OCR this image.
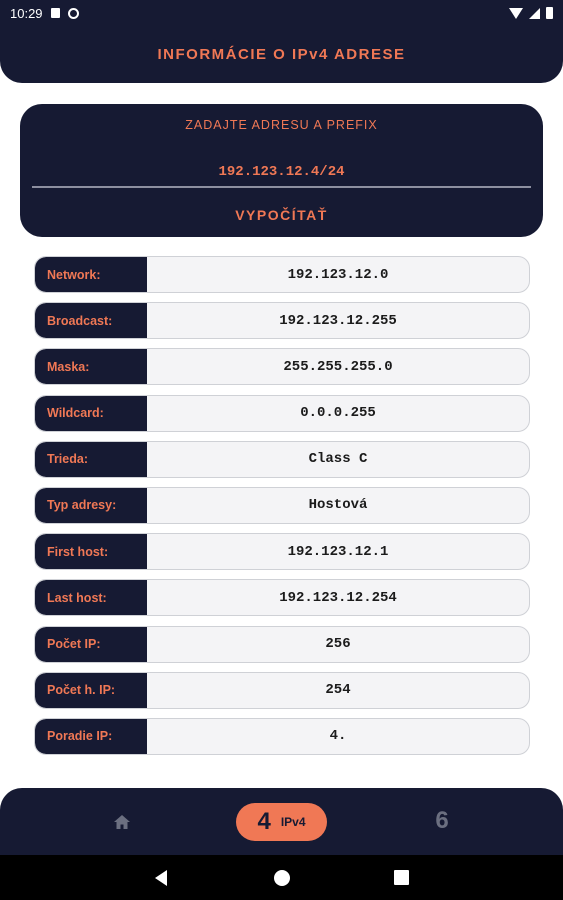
10:29
INFORMÁCIE O IPv4 ADRESE
ZADAJTE ADRESU A PREFIX
192.123.12.4/24
VYPOČÍTAŤ
Network:	192.123.12.0
Broadcast:	192.123.12.255
Maska:	255.255.255.0
Wildcard:	0.0.0.255
Trieda:	Class C
Typ adresy:	Hostová
First host:	192.123.12.1
Last host:	192.123.12.254
Počet IP:	256
Počet h. IP:	254
Poradie IP:	4.
4 IPv4	6
